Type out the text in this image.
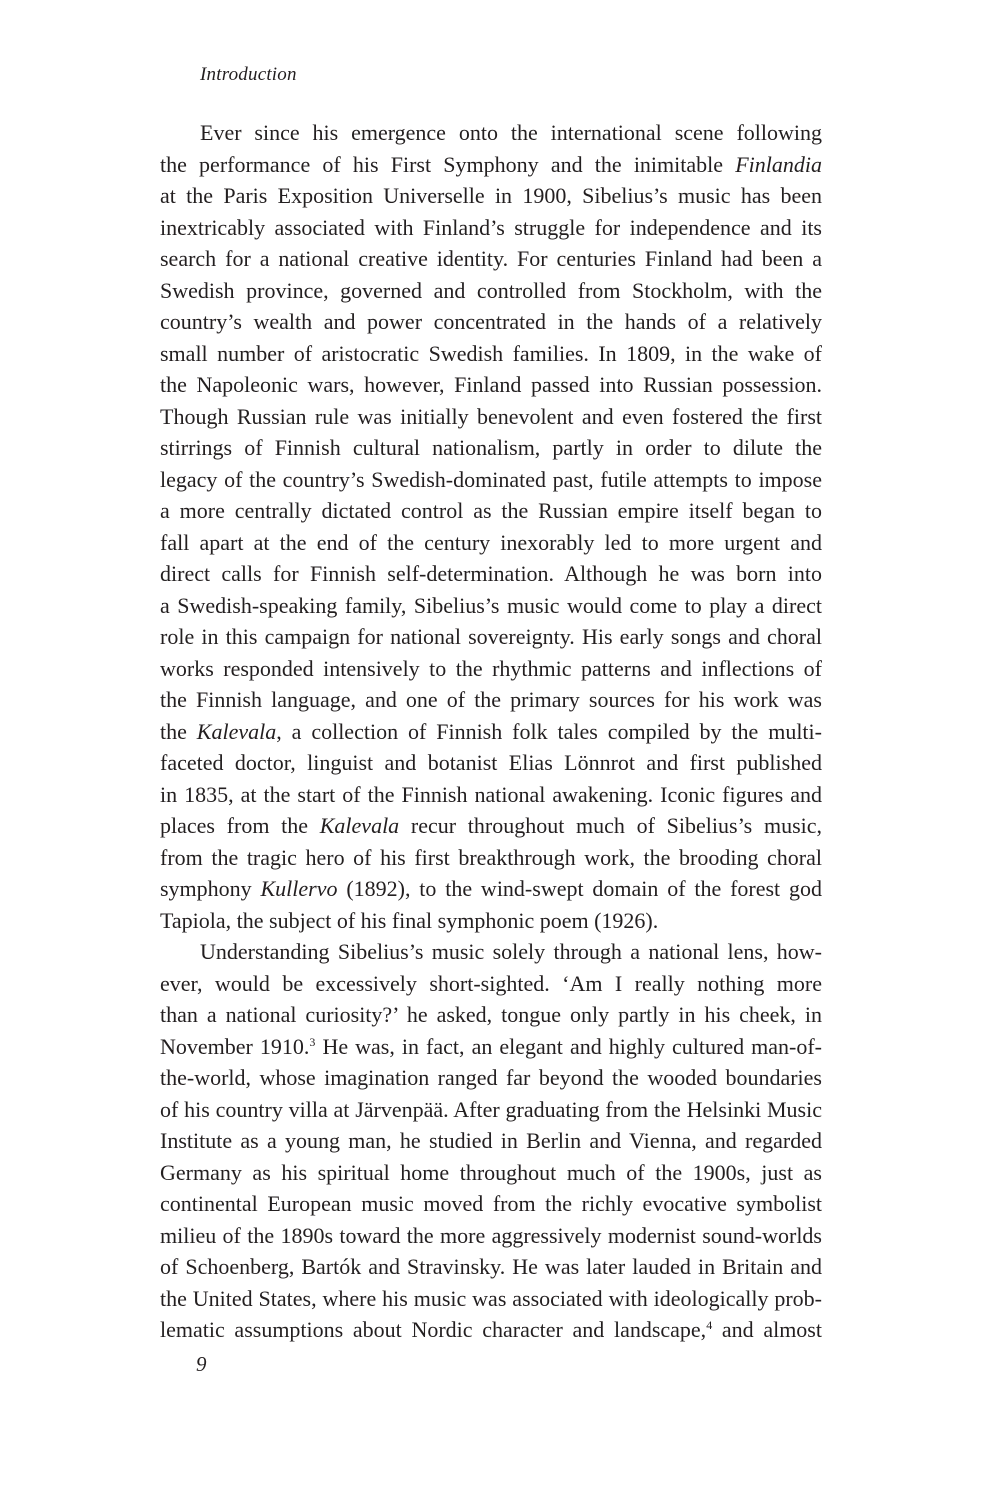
Introduction
Ever since his emergence onto the international scene following
the performance of his First Symphony and the inimitable Finlandia
at the Paris Exposition Universelle in 1900, Sibelius’s music has been
inextricably associated with Finland’s struggle for independence and its
search for a national creative identity. For centuries Finland had been a
Swedish province, governed and controlled from Stockholm, with the
country’s wealth and power concentrated in the hands of a relatively
small number of aristocratic Swedish families. In 1809, in the wake of
the Napoleonic wars, however, Finland passed into Russian possession.
Though Russian rule was initially benevolent and even fostered the first
stirrings of Finnish cultural nationalism, partly in order to dilute the
legacy of the country’s Swedish-dominated past, futile attempts to impose
a more centrally dictated control as the Russian empire itself began to
fall apart at the end of the century inexorably led to more urgent and
direct calls for Finnish self-determination. Although he was born into
a Swedish-speaking family, Sibelius’s music would come to play a direct
role in this campaign for national sovereignty. His early songs and choral
works responded intensively to the rhythmic patterns and inflections of
the Finnish language, and one of the primary sources for his work was
the Kalevala, a collection of Finnish folk tales compiled by the multi-
faceted doctor, linguist and botanist Elias Lönnrot and first published
in 1835, at the start of the Finnish national awakening. Iconic figures and
places from the Kalevala recur throughout much of Sibelius’s music,
from the tragic hero of his first breakthrough work, the brooding choral
symphony Kullervo (1892), to the wind-swept domain of the forest god
Tapiola, the subject of his final symphonic poem (1926).
Understanding Sibelius’s music solely through a national lens, how-
ever, would be excessively short-sighted. ‘Am I really nothing more
than a national curiosity?’ he asked, tongue only partly in his cheek, in
November 1910.$^3$ He was, in fact, an elegant and highly cultured man-of-
the-world, whose imagination ranged far beyond the wooded boundaries
of his country villa at Järvenpää. After graduating from the Helsinki Music
Institute as a young man, he studied in Berlin and Vienna, and regarded
Germany as his spiritual home throughout much of the 1900s, just as
continental European music moved from the richly evocative symbolist
milieu of the 1890s toward the more aggressively modernist sound-worlds
of Schoenberg, Bartók and Stravinsky. He was later lauded in Britain and
the United States, where his music was associated with ideologically prob-
lematic assumptions about Nordic character and landscape,$^4$ and almost
9
